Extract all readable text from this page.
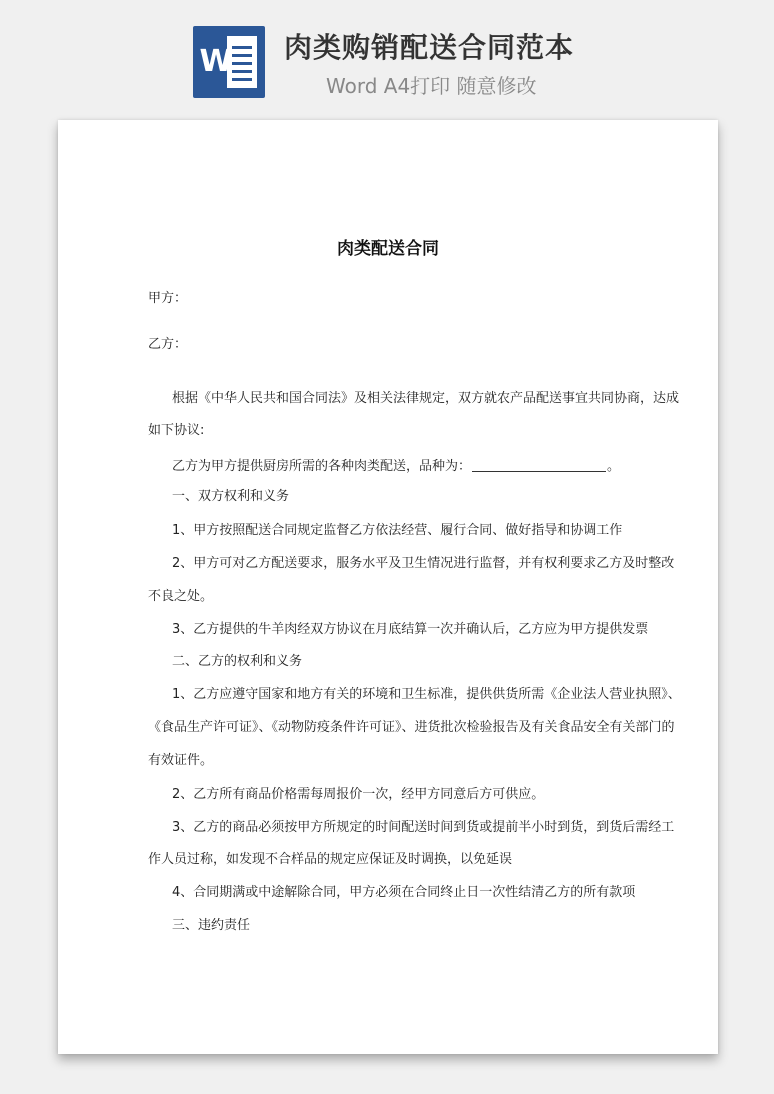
W 肉类购销配送合同范本
Word A4打印 随意修改
肉类配送合同
甲方：
乙方：
根据《中华人民共和国合同法》及相关法律规定，双方就农产品配送事宜共同协商，达成
如下协议:
乙方为甲方提供厨房所需的各种肉类配送，品种为：	。
一、双方权利和义务
1、甲方按照配送合同规定监督乙方依法经营、履行合同、做好指导和协调工作
2、甲方可对乙方配送要求，服务水平及卫生情况进行监督，并有权利要求乙方及时整改
不良之处。
3、乙方提供的牛羊肉经双方协议在月底结算一次并确认后，乙方应为甲方提供发票
二、乙方的权利和义务
1、乙方应遵守国家和地方有关的环境和卫生标准，提供供货所需《企业法人营业执照》、
《食品生产许可证》、《动物防疫条件许可证》、进货批次检验报告及有关食品安全有关部门的
有效证件。
2、乙方所有商品价格需每周报价一次，经甲方同意后方可供应。
3、乙方的商品必须按甲方所规定的时间配送时间到货或提前半小时到货，到货后需经工
作人员过称，如发现不合样品的规定应保证及时调换，以免延误
4、合同期满或中途解除合同，甲方必须在合同终止日一次性结清乙方的所有款项
三、违约责任
